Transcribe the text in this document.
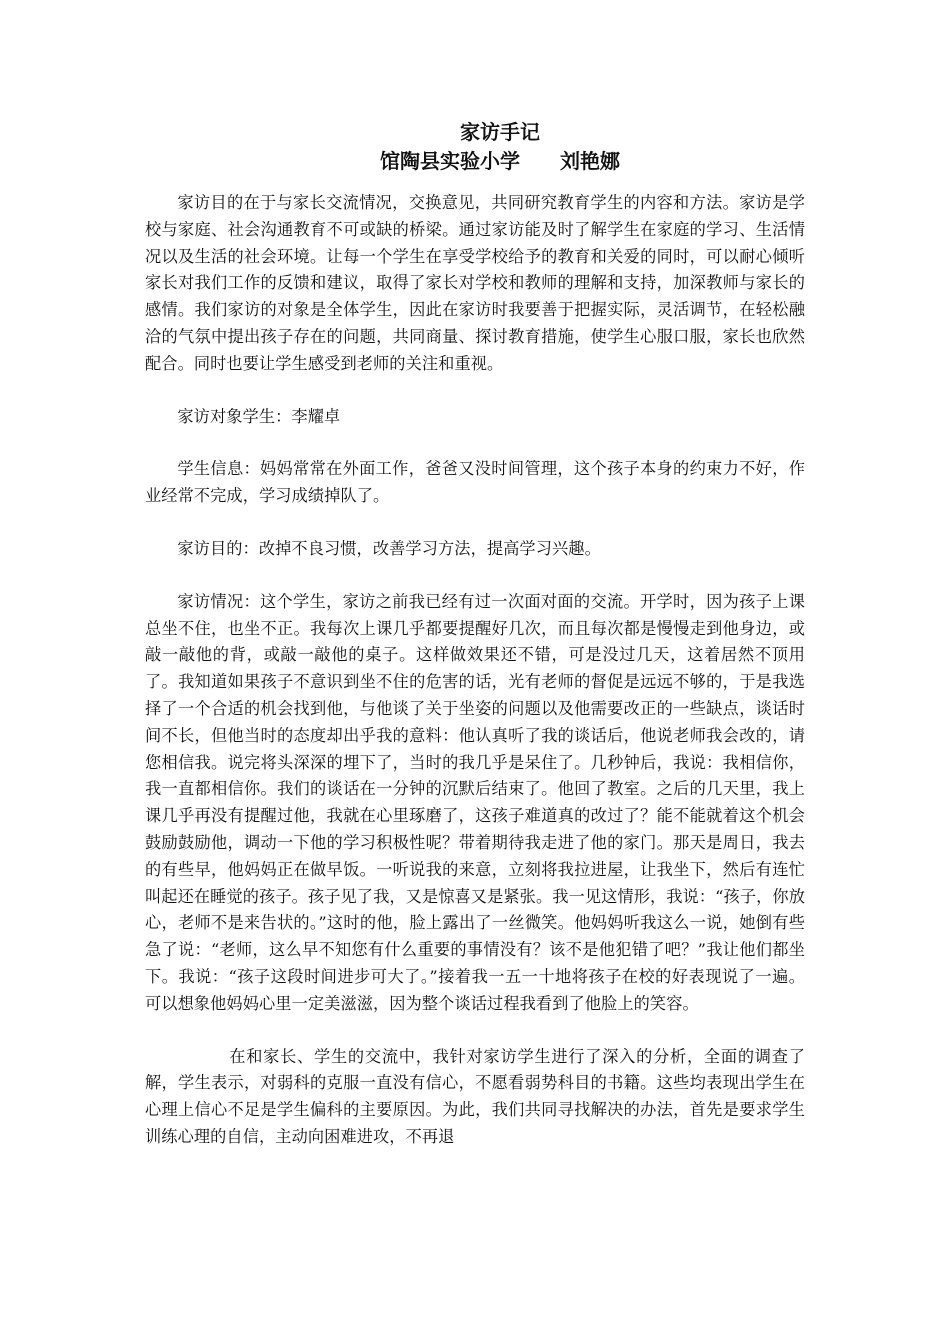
家访手记
馆陶县实验小学　　刘艳娜

家访目的在于与家长交流情况，交换意见，共同研究教育学生的内容和方法。家访是学校与家庭、社会沟通教育不可或缺的桥梁。通过家访能及时了解学生在家庭的学习、生活情况以及生活的社会环境。让每一个学生在享受学校给予的教育和关爱的同时，可以耐心倾听家长对我们工作的反馈和建议，取得了家长对学校和教师的理解和支持，加深教师与家长的感情。我们家访的对象是全体学生，因此在家访时我要善于把握实际，灵活调节，在轻松融洽的气氛中提出孩子存在的问题，共同商量、探讨教育措施，使学生心服口服，家长也欣然配合。同时也要让学生感受到老师的关注和重视。

家访对象学生：李耀卓

学生信息：妈妈常常在外面工作，爸爸又没时间管理，这个孩子本身的约束力不好，作业经常不完成，学习成绩掉队了。

家访目的：改掉不良习惯，改善学习方法，提高学习兴趣。

家访情况：这个学生，家访之前我已经有过一次面对面的交流。开学时，因为孩子上课总坐不住，也坐不正。我每次上课几乎都要提醒好几次，而且每次都是慢慢走到他身边，或敲一敲他的背，或敲一敲他的桌子。这样做效果还不错，可是没过几天，这着居然不顶用了。我知道如果孩子不意识到坐不住的危害的话，光有老师的督促是远远不够的，于是我选择了一个合适的机会找到他，与他谈了关于坐姿的问题以及他需要改正的一些缺点，谈话时间不长，但他当时的态度却出乎我的意料：他认真听了我的谈话后，他说老师我会改的，请您相信我。说完将头深深的埋下了，当时的我几乎是呆住了。几秒钟后，我说：我相信你，我一直都相信你。我们的谈话在一分钟的沉默后结束了。他回了教室。之后的几天里，我上课几乎再没有提醒过他，我就在心里琢磨了，这孩子难道真的改过了？能不能就着这个机会鼓励鼓励他，调动一下他的学习积极性呢？带着期待我走进了他的家门。那天是周日，我去的有些早，他妈妈正在做早饭。一听说我的来意，立刻将我拉进屋，让我坐下，然后有连忙叫起还在睡觉的孩子。孩子见了我，又是惊喜又是紧张。我一见这情形，我说：“孩子，你放心，老师不是来告状的。”这时的他，脸上露出了一丝微笑。他妈妈听我这么一说，她倒有些急了说：“老师，这么早不知您有什么重要的事情没有？该不是他犯错了吧？”我让他们都坐下。我说：“孩子这段时间进步可大了。”接着我一五一十地将孩子在校的好表现说了一遍。可以想象他妈妈心里一定美滋滋，因为整个谈话过程我看到了他脸上的笑容。

在和家长、学生的交流中，我针对家访学生进行了深入的分析，全面的调查了解，学生表示，对弱科的克服一直没有信心，不愿看弱势科目的书籍。这些均表现出学生在心理上信心不足是学生偏科的主要原因。为此，我们共同寻找解决的办法，首先是要求学生训练心理的自信，主动向困难进攻，不再退
